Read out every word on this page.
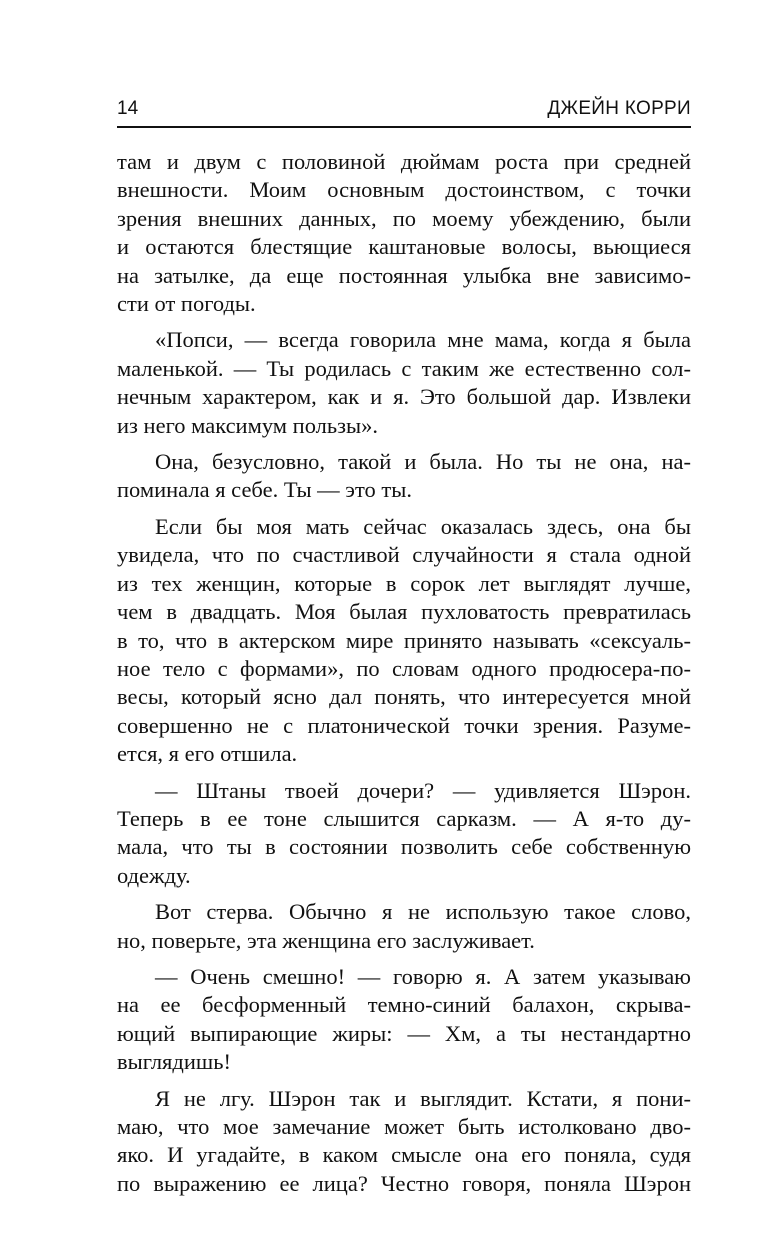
14	ДЖЕЙН КОРРИ
там и двум с половиной дюймам роста при средней
внешности. Моим основным достоинством, с точки
зрения внешних данных, по моему убеждению, были
и остаются блестящие каштановые волосы, вьющиеся
на затылке, да еще постоянная улыбка вне зависимо-
сти от погоды.
«Попси, — всегда говорила мне мама, когда я была
маленькой. — Ты родилась с таким же естественно сол-
нечным характером, как и я. Это большой дар. Извлеки
из него максимум пользы».
Она, безусловно, такой и была. Но ты не она, на-
поминала я себе. Ты — это ты.
Если бы моя мать сейчас оказалась здесь, она бы
увидела, что по счастливой случайности я стала одной
из тех женщин, которые в сорок лет выглядят лучше,
чем в двадцать. Моя былая пухловатость превратилась
в то, что в актерском мире принято называть «сексуаль-
ное тело с формами», по словам одного продюсера-по-
весы, который ясно дал понять, что интересуется мной
совершенно не с платонической точки зрения. Разуме-
ется, я его отшила.
— Штаны твоей дочери? — удивляется Шэрон.
Теперь в ее тоне слышится сарказм. — А я-то ду-
мала, что ты в состоянии позволить себе собственную
одежду.
Вот стерва. Обычно я не использую такое слово,
но, поверьте, эта женщина его заслуживает.
— Очень смешно! — говорю я. А затем указываю
на ее бесформенный темно-синий балахон, скрыва-
ющий выпирающие жиры: — Хм, а ты нестандартно
выглядишь!
Я не лгу. Шэрон так и выглядит. Кстати, я пони-
маю, что мое замечание может быть истолковано дво-
яко. И угадайте, в каком смысле она его поняла, судя
по выражению ее лица? Честно говоря, поняла Шэрон
